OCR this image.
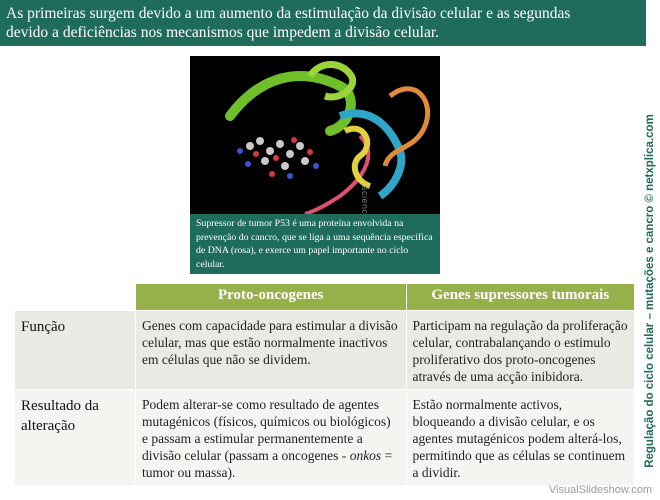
As primeiras surgem devido a um aumento da estimulação da divisão celular e as segundas
devido a deficiências nos mecanismos que impedem a divisão celular.
Regulação do ciclo celular – mutações e cancro © netxplica.com
Supressor de tumor P53 é uma proteína envolvida na prevenção do cancro, que se liga a uma sequência específica de DNA (rosa), e exerce um papel importante no ciclo celular.
	Proto-oncogenes	Genes supressores tumorais
Função	Genes com capacidade para estimular a divisão celular, mas que estão normalmente inactivos em células que não se dividem.	Participam na regulação da proliferação celular, contrabalançando o estimulo proliferativo dos proto-oncogenes através de uma acção inibidora.
Resultado da alteração	Podem alterar-se como resultado de agentes mutagénicos (físicos, químicos ou biológicos) e passam a estimular permanentemente a divisão celular (passam a oncogenes - onkos = tumor ou massa).	Estão normalmente activos, bloqueando a divisão celular, e os agentes mutagénicos podem alterá-los, permitindo que as células se continuem a dividir.
VisualSlideshow.com
